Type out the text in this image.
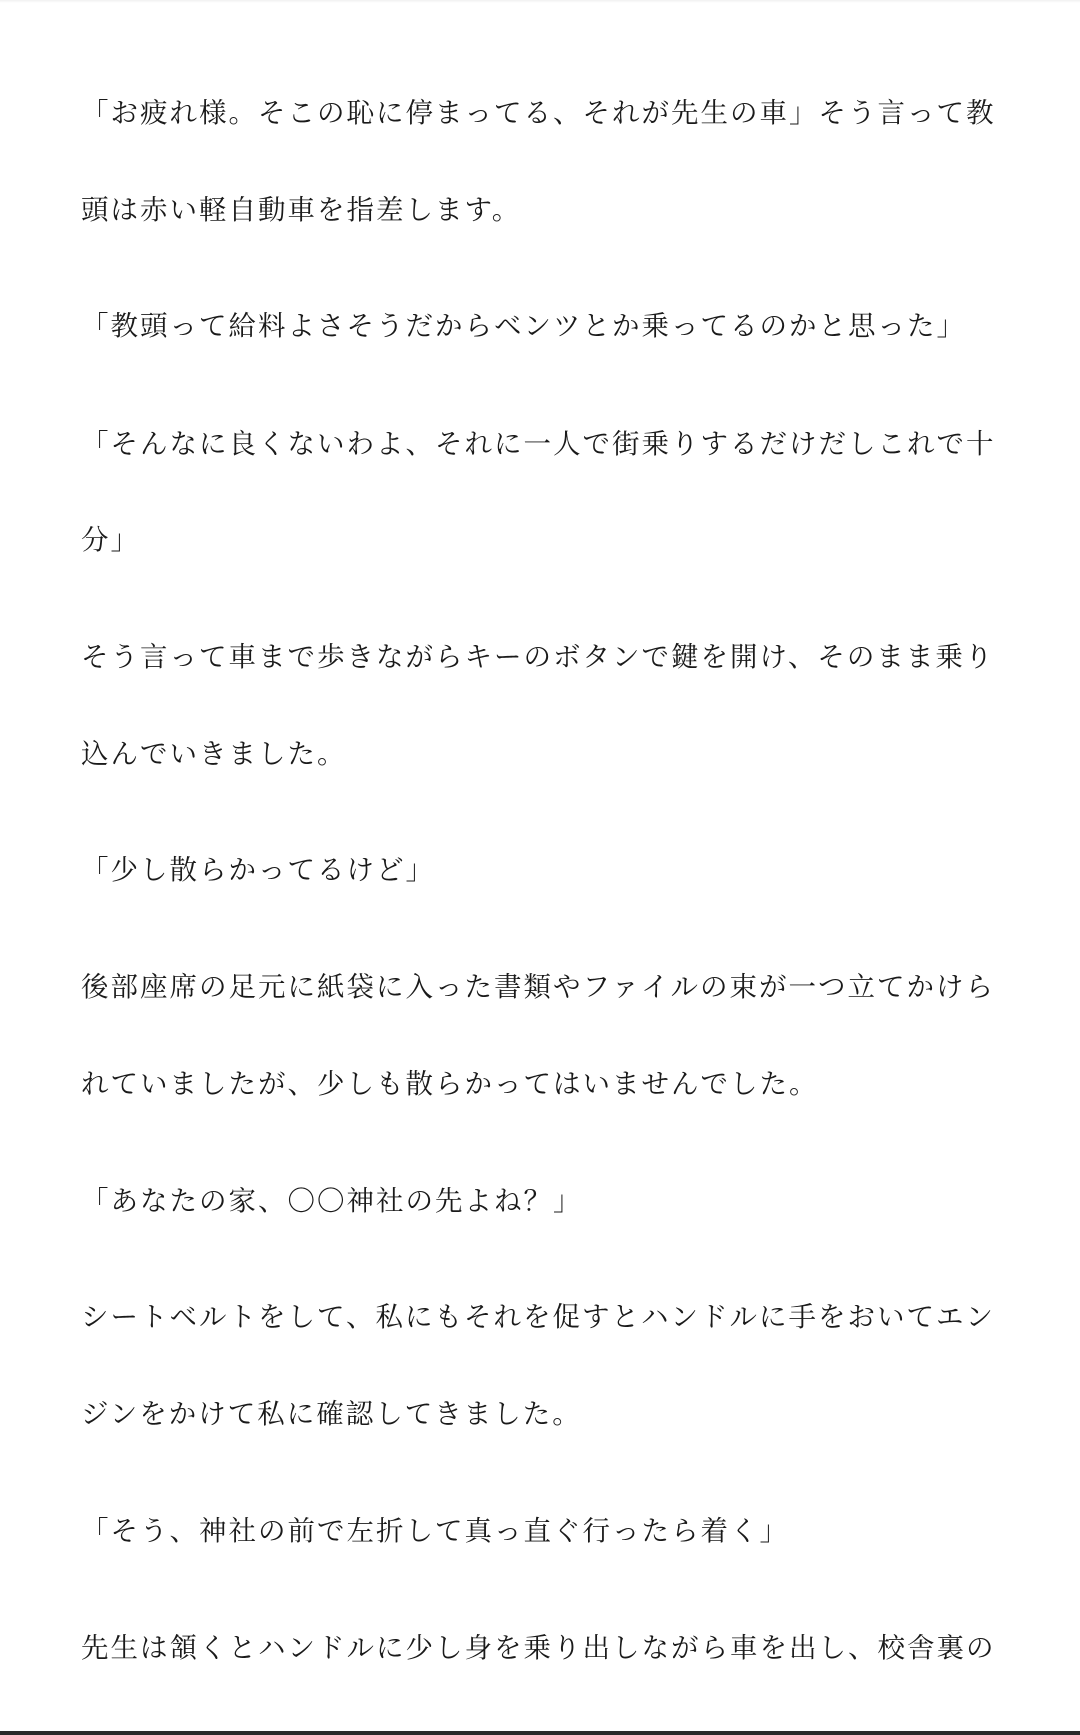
「お疲れ様。そこの恥に停まってる、それが先生の車」そう言って教
頭は赤い軽自動車を指差します。
「教頭って給料よさそうだからベンツとか乗ってるのかと思った」
「そんなに良くないわよ、それに一人で街乗りするだけだしこれで十
分」
そう言って車まで歩きながらキーのボタンで鍵を開け、そのまま乗り
込んでいきました。
「少し散らかってるけど」
後部座席の足元に紙袋に入った書類やファイルの束が一つ立てかけら
れていましたが、少しも散らかってはいませんでした。
「あなたの家、〇〇神社の先よね？」
シートベルトをして、私にもそれを促すとハンドルに手をおいてエン
ジンをかけて私に確認してきました。
「そう、神社の前で左折して真っ直ぐ行ったら着く」
先生は頷くとハンドルに少し身を乗り出しながら車を出し、校舎裏の
